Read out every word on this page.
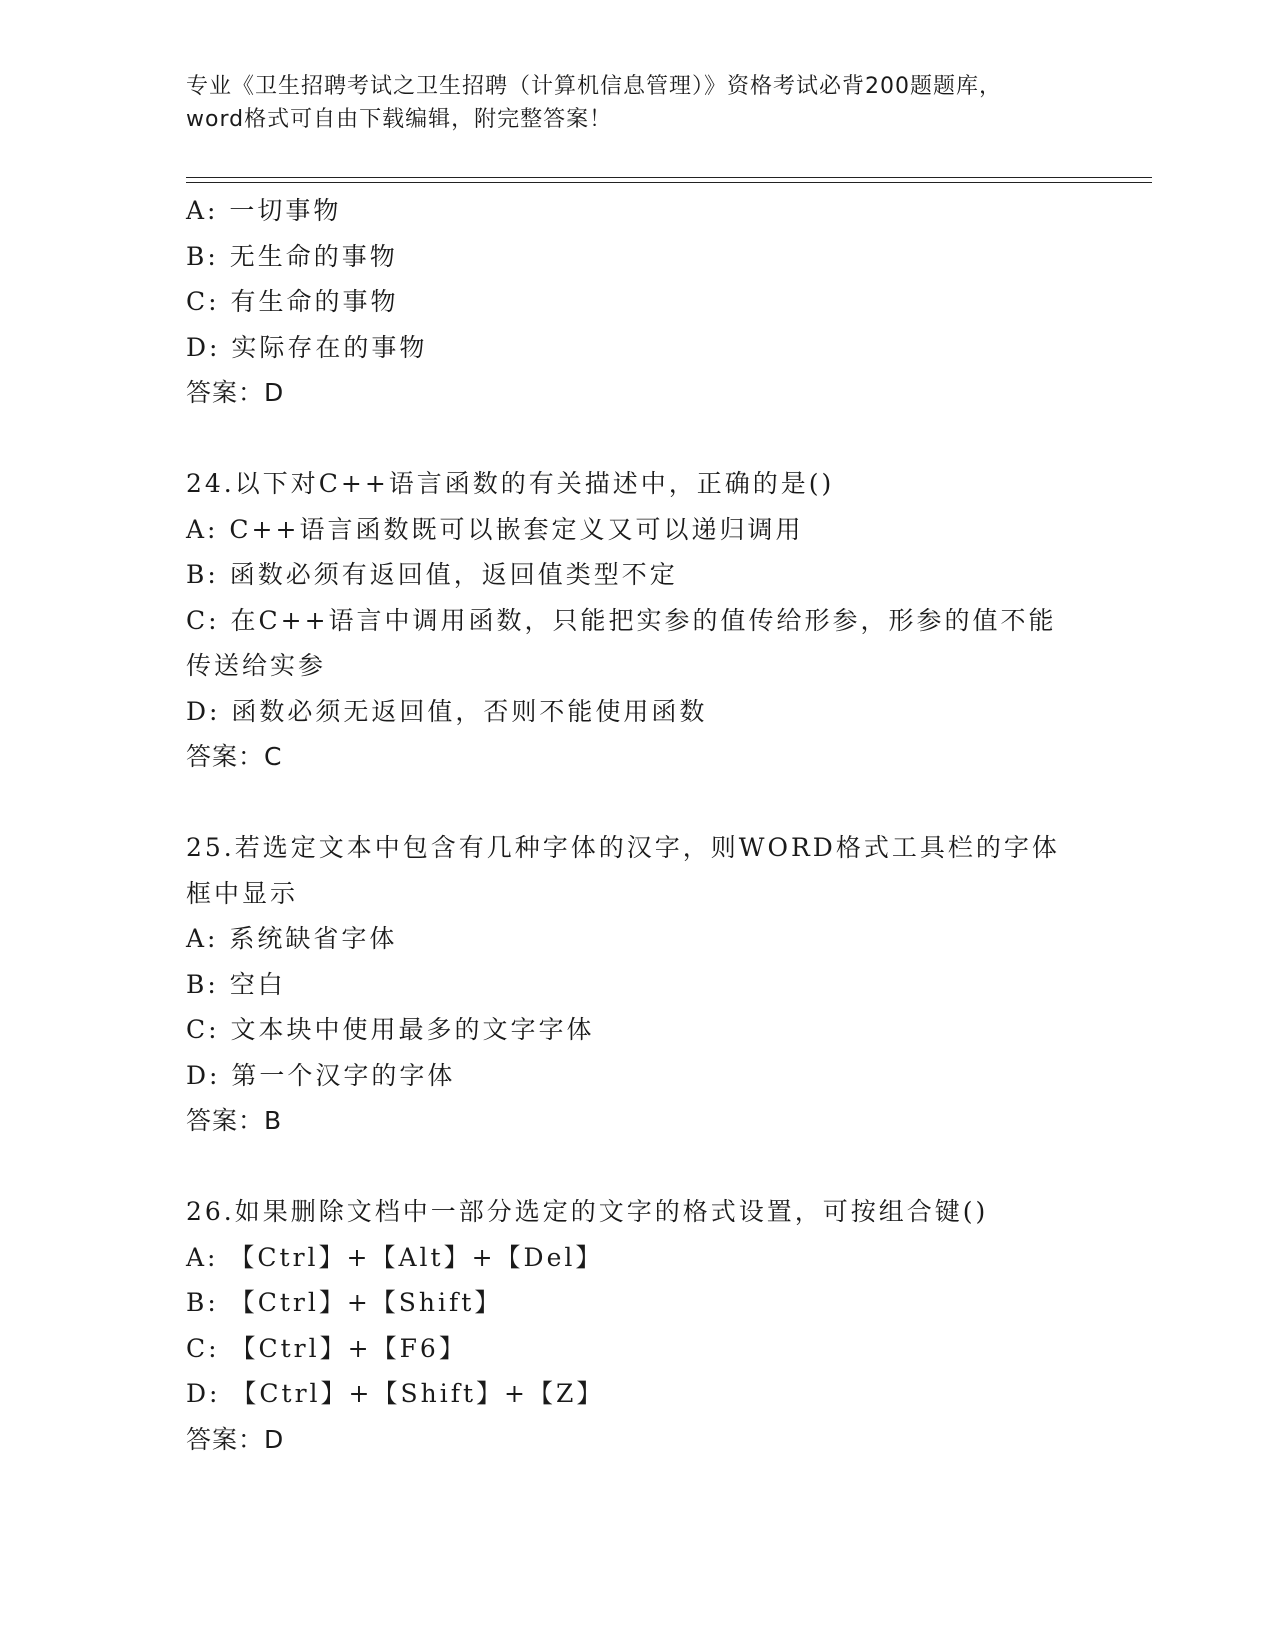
专业《卫生招聘考试之卫生招聘（计算机信息管理）》资格考试必背200题题库，
word格式可自由下载编辑，附完整答案！
A: 一切事物
B: 无生命的事物
C: 有生命的事物
D: 实际存在的事物
答案：D
24.以下对C++语言函数的有关描述中，正确的是()
A: C++语言函数既可以嵌套定义又可以递归调用
B: 函数必须有返回值，返回值类型不定
C: 在C++语言中调用函数，只能把实参的值传给形参，形参的值不能
传送给实参
D: 函数必须无返回值，否则不能使用函数
答案：C
25.若选定文本中包含有几种字体的汉字，则WORD格式工具栏的字体
框中显示
A: 系统缺省字体
B: 空白
C: 文本块中使用最多的文字字体
D: 第一个汉字的字体
答案：B
26.如果删除文档中一部分选定的文字的格式设置，可按组合键()
A: 【Ctrl】+【Alt】+【Del】
B: 【Ctrl】+【Shift】
C: 【Ctrl】+【F6】
D: 【Ctrl】+【Shift】+【Z】
答案：D
